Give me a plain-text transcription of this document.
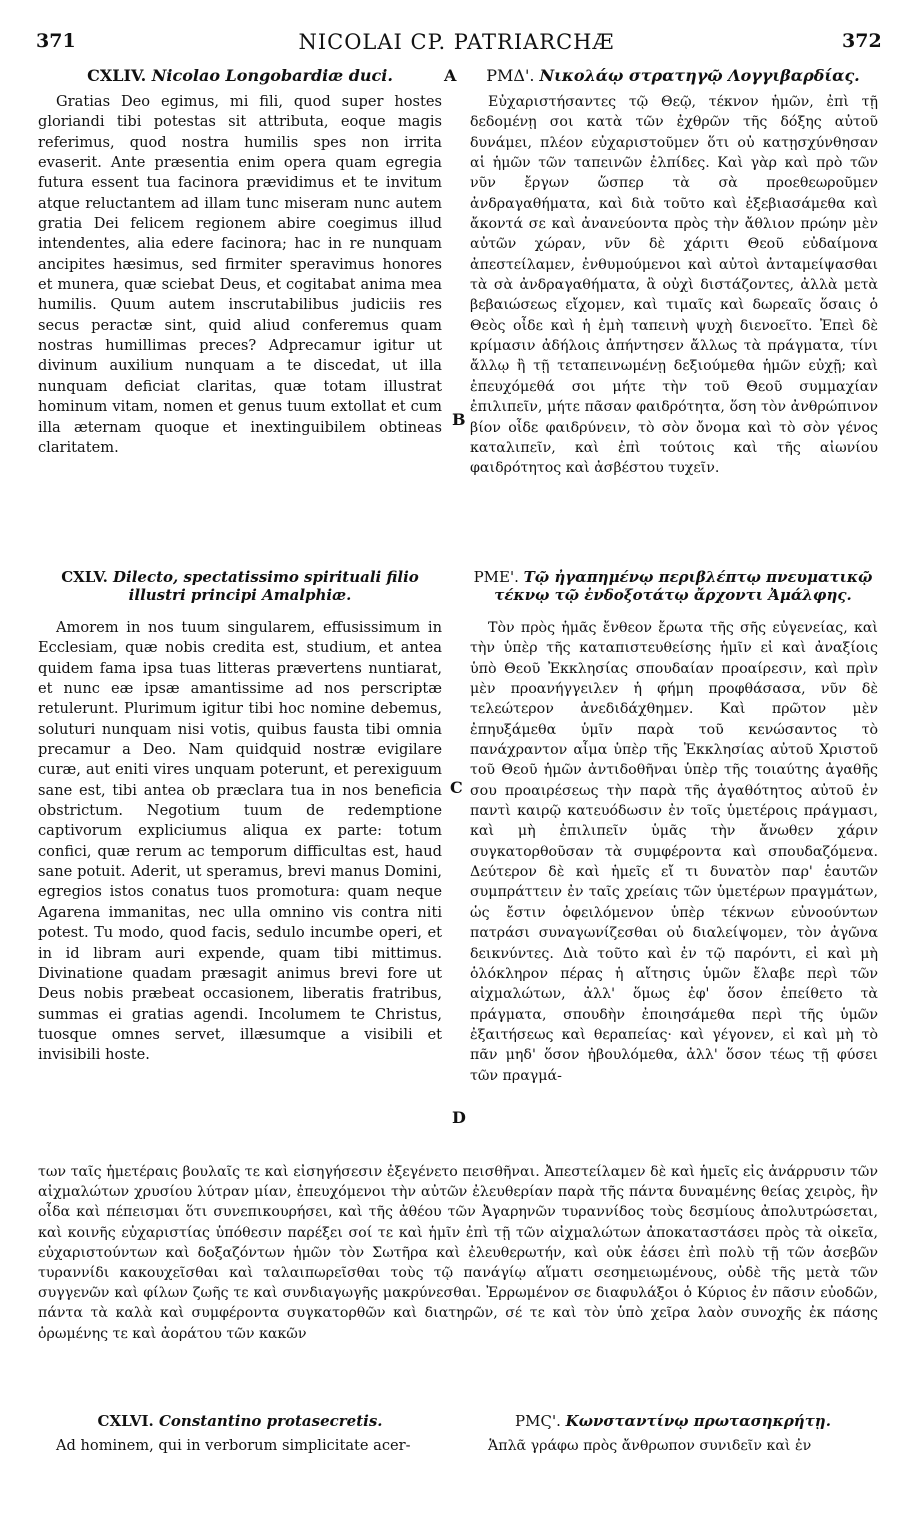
371	NICOLAI CP. PATRIARCHÆ	372
A
B
C
D
CXLIV. Nicolao Longobardiæ duci.

Gratias Deo egimus, mi fili, quod super hostes gloriandi tibi potestas sit attributa, eoque magis referimus, quod nostra humilis spes non irrita evaserit. Ante præsentia enim opera quam egregia futura essent tua facinora prævidimus et te invitum atque reluctantem ad illam tunc miseram nunc autem gratia Dei felicem regionem abire coegimus illud intendentes, alia edere facinora; hac in re nunquam ancipites hæsimus, sed firmiter speravimus honores et munera, quæ sciebat Deus, et cogitabat anima mea humilis. Quum autem inscrutabilibus judiciis res secus peractæ sint, quid aliud conferemus quam nostras humillimas preces? Adprecamur igitur ut divinum auxilium nunquam a te discedat, ut illa nunquam deficiat claritas, quæ totam illustrat hominum vitam, nomen et genus tuum extollat et cum illa æternam quoque et inextinguibilem obtineas claritatem.

ΡΜΔ'. Νικολάῳ στρατηγῷ Λογγιβαρδίας.

Εὐχαριστήσαντες τῷ Θεῷ, τέκνον ἡμῶν, ἐπὶ τῇ δεδομένῃ σοι κατὰ τῶν ἐχθρῶν τῆς δόξης αὐτοῦ δυνάμει, πλέον εὐχαριστοῦμεν ὅτι οὐ κατῃσχύνθησαν αἱ ἡμῶν τῶν ταπεινῶν ἐλπίδες. Καὶ γὰρ καὶ πρὸ τῶν νῦν ἔργων ὥσπερ τὰ σὰ προεθεωροῦμεν ἀνδραγαθήματα, καὶ διὰ τοῦτο καὶ ἐξεβιασάμεθα καὶ ἄκοντά σε καὶ ἀνανεύοντα πρὸς τὴν ἄθλιον πρώην μὲν αὐτῶν χώραν, νῦν δὲ χάριτι Θεοῦ εὐδαίμονα ἀπεστείλαμεν, ἐνθυμούμενοι καὶ αὐτοὶ ἀνταμείψασθαι τὰ σὰ ἀνδραγαθήματα, ἃ οὐχὶ διστάζοντες, ἀλλὰ μετὰ βεβαιώσεως εἴχομεν, καὶ τιμαῖς καὶ δωρεαῖς ὅσαις ὁ Θεὸς οἶδε καὶ ἡ ἐμὴ ταπεινὴ ψυχὴ διενοεῖτο. Ἐπεὶ δὲ κρίμασιν ἀδήλοις ἀπήντησεν ἄλλως τὰ πράγματα, τίνι ἄλλῳ ἢ τῇ τεταπεινωμένῃ δεξιούμεθα ἡμῶν εὐχῇ; καὶ ἐπευχόμεθά σοι μήτε τὴν τοῦ Θεοῦ συμμαχίαν ἐπιλιπεῖν, μήτε πᾶσαν φαιδρότητα, ὅση τὸν ἀνθρώπινον βίον οἶδε φαιδρύνειν, τὸ σὸν ὄνομα καὶ τὸ σὸν γένος καταλιπεῖν, καὶ ἐπὶ τούτοις καὶ τῆς αἰωνίου φαιδρότητος καὶ ἀσβέστου τυχεῖν.

CXLV. Dilecto, spectatissimo spirituali filio illustri principi Amalphiæ.

Amorem in nos tuum singularem, effusissimum in Ecclesiam, quæ nobis credita est, studium, et antea quidem fama ipsa tuas litteras prævertens nuntiarat, et nunc eæ ipsæ amantissime ad nos perscriptæ retulerunt. Plurimum igitur tibi hoc nomine debemus, soluturi nunquam nisi votis, quibus fausta tibi omnia precamur a Deo. Nam quidquid nostræ evigilare curæ, aut eniti vires unquam poterunt, et perexiguum sane est, tibi antea ob præclara tua in nos beneficia obstrictum. Negotium tuum de redemptione captivorum expliciumus aliqua ex parte: totum confici, quæ rerum ac temporum difficultas est, haud sane potuit. Aderit, ut speramus, brevi manus Domini, egregios istos conatus tuos promotura: quam neque Agarena immanitas, nec ulla omnino vis contra niti potest. Tu modo, quod facis, sedulo incumbe operi, et in id libram auri expende, quam tibi mittimus. Divinatione quadam præsagit animus brevi fore ut Deus nobis præbeat occasionem, liberatis fratribus, summas ei gratias agendi. Incolumem te Christus, tuosque omnes servet, illæsumque a visibili et invisibili hoste.

ΡΜΕ'. Τῷ ἠγαπημένῳ περιβλέπτῳ πνευματικῷ τέκνῳ τῷ ἐνδοξοτάτῳ ἄρχοντι Ἀμάλφης.

Τὸν πρὸς ἡμᾶς ἔνθεον ἔρωτα τῆς σῆς εὐγενείας, καὶ τὴν ὑπὲρ τῆς καταπιστευθείσης ἡμῖν εἰ καὶ ἀναξίοις ὑπὸ Θεοῦ Ἐκκλησίας σπουδαίαν προαίρεσιν, καὶ πρὶν μὲν προανήγγειλεν ἡ φήμη προφθάσασα, νῦν δὲ τελεώτερον ἀνεδιδάχθημεν. Καὶ πρῶτον μὲν ἐπηυξάμεθα ὑμῖν παρὰ τοῦ κενώσαντος τὸ πανάχραντον αἷμα ὑπὲρ τῆς Ἐκκλησίας αὐτοῦ Χριστοῦ τοῦ Θεοῦ ἡμῶν ἀντιδοθῆναι ὑπὲρ τῆς τοιαύτης ἀγαθῆς σου προαιρέσεως τὴν παρὰ τῆς ἀγαθότητος αὐτοῦ ἐν παντὶ καιρῷ κατευόδωσιν ἐν τοῖς ὑμετέροις πράγμασι, καὶ μὴ ἐπιλιπεῖν ὑμᾶς τὴν ἄνωθεν χάριν συγκατορθοῦσαν τὰ συμφέροντα καὶ σπουδαζόμενα. Δεύτερον δὲ καὶ ἡμεῖς εἴ τι δυνατὸν παρ' ἑαυτῶν συμπράττειν ἐν ταῖς χρείαις τῶν ὑμετέρων πραγμάτων, ὡς ἔστιν ὀφειλόμενον ὑπὲρ τέκνων εὐνοούντων πατράσι συναγωνίζεσθαι οὐ διαλείψομεν, τὸν ἀγῶνα δεικνύντες. Διὰ τοῦτο καὶ ἐν τῷ παρόντι, εἰ καὶ μὴ ὁλόκληρον πέρας ἡ αἴτησις ὑμῶν ἔλαβε περὶ τῶν αἰχμαλώτων, ἀλλ' ὅμως ἐφ' ὅσον ἐπείθετο τὰ πράγματα, σπουδὴν ἐποιησάμεθα περὶ τῆς ὑμῶν ἐξαιτήσεως καὶ θεραπείας· καὶ γέγονεν, εἰ καὶ μὴ τὸ πᾶν μηδ' ὅσον ἠβουλόμεθα, ἀλλ' ὅσον τέως τῇ φύσει τῶν πραγμά-

των ταῖς ἡμετέραις βουλαῖς τε καὶ εἰσηγήσεσιν ἐξεγένετο πεισθῆναι. Ἀπεστείλαμεν δὲ καὶ ἡμεῖς εἰς ἀνάρρυσιν τῶν αἰχμαλώτων χρυσίου λύτραν μίαν, ἐπευχόμενοι τὴν αὐτῶν ἐλευθερίαν παρὰ τῆς πάντα δυναμένης θείας χειρὸς, ἣν οἶδα καὶ πέπεισμαι ὅτι συνεπικουρήσει, καὶ τῆς ἀθέου τῶν Ἀγαρηνῶν τυραννίδος τοὺς δεσμίους ἀπολυτρώσεται, καὶ κοινῆς εὐχαριστίας ὑπόθεσιν παρέξει σοί τε καὶ ἡμῖν ἐπὶ τῇ τῶν αἰχμαλώτων ἀποκαταστάσει πρὸς τὰ οἰκεῖα, εὐχαριστούντων καὶ δοξαζόντων ἡμῶν τὸν Σωτῆρα καὶ ἐλευθερωτήν, καὶ οὐκ ἐάσει ἐπὶ πολὺ τῇ τῶν ἀσεβῶν τυραννίδι κακουχεῖσθαι καὶ ταλαιπωρεῖσθαι τοὺς τῷ πανάγίῳ αἵματι σεσημειωμένους, οὐδὲ τῆς μετὰ τῶν συγγενῶν καὶ φίλων ζωῆς τε καὶ συνδιαγωγῆς μακρύνεσθαι. Ἐρρωμένον σε διαφυλάξοι ὁ Κύριος ἐν πᾶσιν εὐοδῶν, πάντα τὰ καλὰ καὶ συμφέροντα συγκατορθῶν καὶ διατηρῶν, σέ τε καὶ τὸν ὑπὸ χεῖρα λαὸν συνοχῆς ἐκ πάσης ὁρωμένης τε καὶ ἀοράτου τῶν κακῶν

CXLVI. Constantino protasecretis.

Ad hominem, qui in verborum simplicitate acer-

ΡΜϚ'. Κωνσταντίνῳ πρωτασηκρήτῃ.

Ἁπλᾶ γράφω πρὸς ἄνθρωπον συνιδεῖν καὶ ἐν
